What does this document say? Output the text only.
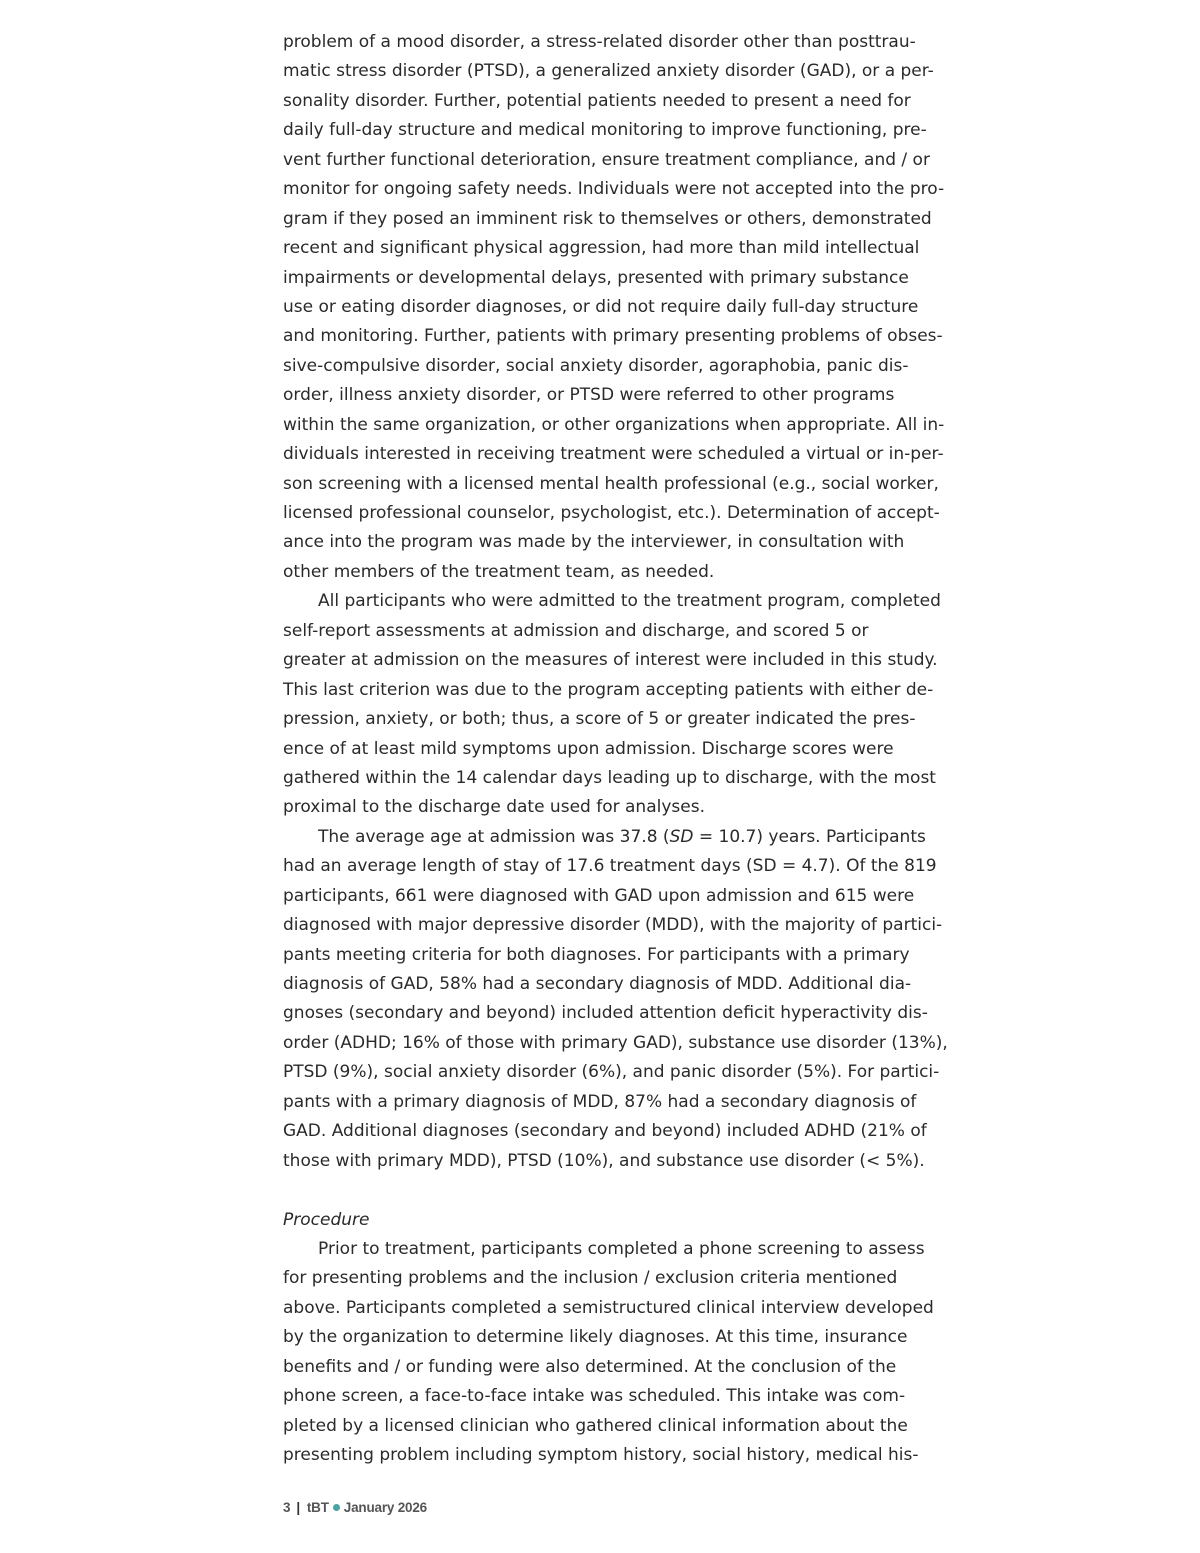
problem of a mood disorder, a stress-related disorder other than posttrau-
matic stress disorder (PTSD), a generalized anxiety disorder (GAD), or a per-
sonality disorder. Further, potential patients needed to present a need for
daily full-day structure and medical monitoring to improve functioning, pre-
vent further functional deterioration, ensure treatment compliance, and / or
monitor for ongoing safety needs. Individuals were not accepted into the pro-
gram if they posed an imminent risk to themselves or others, demonstrated
recent and significant physical aggression, had more than mild intellectual
impairments or developmental delays, presented with primary substance
use or eating disorder diagnoses, or did not require daily full-day structure
and monitoring. Further, patients with primary presenting problems of obses-
sive-compulsive disorder, social anxiety disorder, agoraphobia, panic dis-
order, illness anxiety disorder, or PTSD were referred to other programs
within the same organization, or other organizations when appropriate. All in-
dividuals interested in receiving treatment were scheduled a virtual or in-per-
son screening with a licensed mental health professional (e.g., social worker,
licensed professional counselor, psychologist, etc.). Determination of accept-
ance into the program was made by the interviewer, in consultation with
other members of the treatment team, as needed.
All participants who were admitted to the treatment program, completed
self-report assessments at admission and discharge, and scored 5 or
greater at admission on the measures of interest were included in this study.
This last criterion was due to the program accepting patients with either de-
pression, anxiety, or both; thus, a score of 5 or greater indicated the pres-
ence of at least mild symptoms upon admission. Discharge scores were
gathered within the 14 calendar days leading up to discharge, with the most
proximal to the discharge date used for analyses.
The average age at admission was 37.8 (SD = 10.7) years. Participants
had an average length of stay of 17.6 treatment days (SD = 4.7). Of the 819
participants, 661 were diagnosed with GAD upon admission and 615 were
diagnosed with major depressive disorder (MDD), with the majority of partici-
pants meeting criteria for both diagnoses. For participants with a primary
diagnosis of GAD, 58% had a secondary diagnosis of MDD. Additional dia-
gnoses (secondary and beyond) included attention deficit hyperactivity dis-
order (ADHD; 16% of those with primary GAD), substance use disorder (13%),
PTSD (9%), social anxiety disorder (6%), and panic disorder (5%). For partici-
pants with a primary diagnosis of MDD, 87% had a secondary diagnosis of
GAD. Additional diagnoses (secondary and beyond) included ADHD (21% of
those with primary MDD), PTSD (10%), and substance use disorder (< 5%).
Procedure
Prior to treatment, participants completed a phone screening to assess
for presenting problems and the inclusion / exclusion criteria mentioned
above. Participants completed a semistructured clinical interview developed
by the organization to determine likely diagnoses. At this time, insurance
benefits and / or funding were also determined. At the conclusion of the
phone screen, a face-to-face intake was scheduled. This intake was com-
pleted by a licensed clinician who gathered clinical information about the
presenting problem including symptom history, social history, medical his-
3 | tBT January 2026
